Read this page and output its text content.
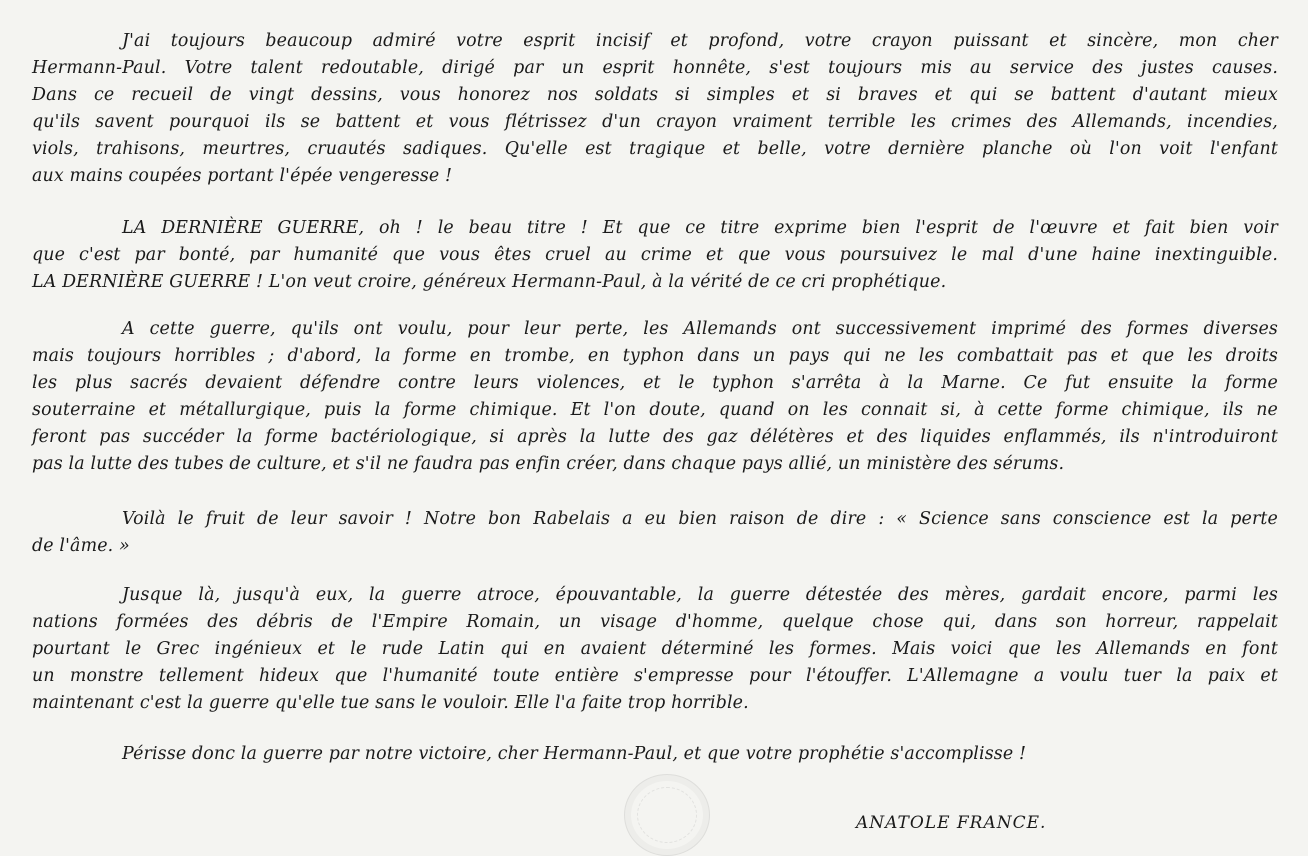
J'ai toujours beaucoup admiré votre esprit incisif et profond, votre crayon puissant et sincère, mon cher
Hermann-Paul. Votre talent redoutable, dirigé par un esprit honnête, s'est toujours mis au service des justes causes.
Dans ce recueil de vingt dessins, vous honorez nos soldats si simples et si braves et qui se battent d'autant mieux
qu'ils savent pourquoi ils se battent et vous flétrissez d'un crayon vraiment terrible les crimes des Allemands, incendies,
viols, trahisons, meurtres, cruautés sadiques. Qu'elle est tragique et belle, votre dernière planche où l'on voit l'enfant
aux mains coupées portant l'épée vengeresse !
LA DERNIÈRE GUERRE, oh ! le beau titre ! Et que ce titre exprime bien l'esprit de l'œuvre et fait bien voir
que c'est par bonté, par humanité que vous êtes cruel au crime et que vous poursuivez le mal d'une haine inextinguible.
LA DERNIÈRE GUERRE ! L'on veut croire, généreux Hermann-Paul, à la vérité de ce cri prophétique.
A cette guerre, qu'ils ont voulu, pour leur perte, les Allemands ont successivement imprimé des formes diverses
mais toujours horribles ; d'abord, la forme en trombe, en typhon dans un pays qui ne les combattait pas et que les droits
les plus sacrés devaient défendre contre leurs violences, et le typhon s'arrêta à la Marne. Ce fut ensuite la forme
souterraine et métallurgique, puis la forme chimique. Et l'on doute, quand on les connait si, à cette forme chimique, ils ne
feront pas succéder la forme bactériologique, si après la lutte des gaz délétères et des liquides enflammés, ils n'introduiront
pas la lutte des tubes de culture, et s'il ne faudra pas enfin créer, dans chaque pays allié, un ministère des sérums.
Voilà le fruit de leur savoir ! Notre bon Rabelais a eu bien raison de dire : « Science sans conscience est la perte
de l'âme. »
Jusque là, jusqu'à eux, la guerre atroce, épouvantable, la guerre détestée des mères, gardait encore, parmi les
nations formées des débris de l'Empire Romain, un visage d'homme, quelque chose qui, dans son horreur, rappelait
pourtant le Grec ingénieux et le rude Latin qui en avaient déterminé les formes. Mais voici que les Allemands en font
un monstre tellement hideux que l'humanité toute entière s'empresse pour l'étouffer. L'Allemagne a voulu tuer la paix et
maintenant c'est la guerre qu'elle tue sans le vouloir. Elle l'a faite trop horrible.
Périsse donc la guerre par notre victoire, cher Hermann-Paul, et que votre prophétie s'accomplisse !
ANATOLE FRANCE.
